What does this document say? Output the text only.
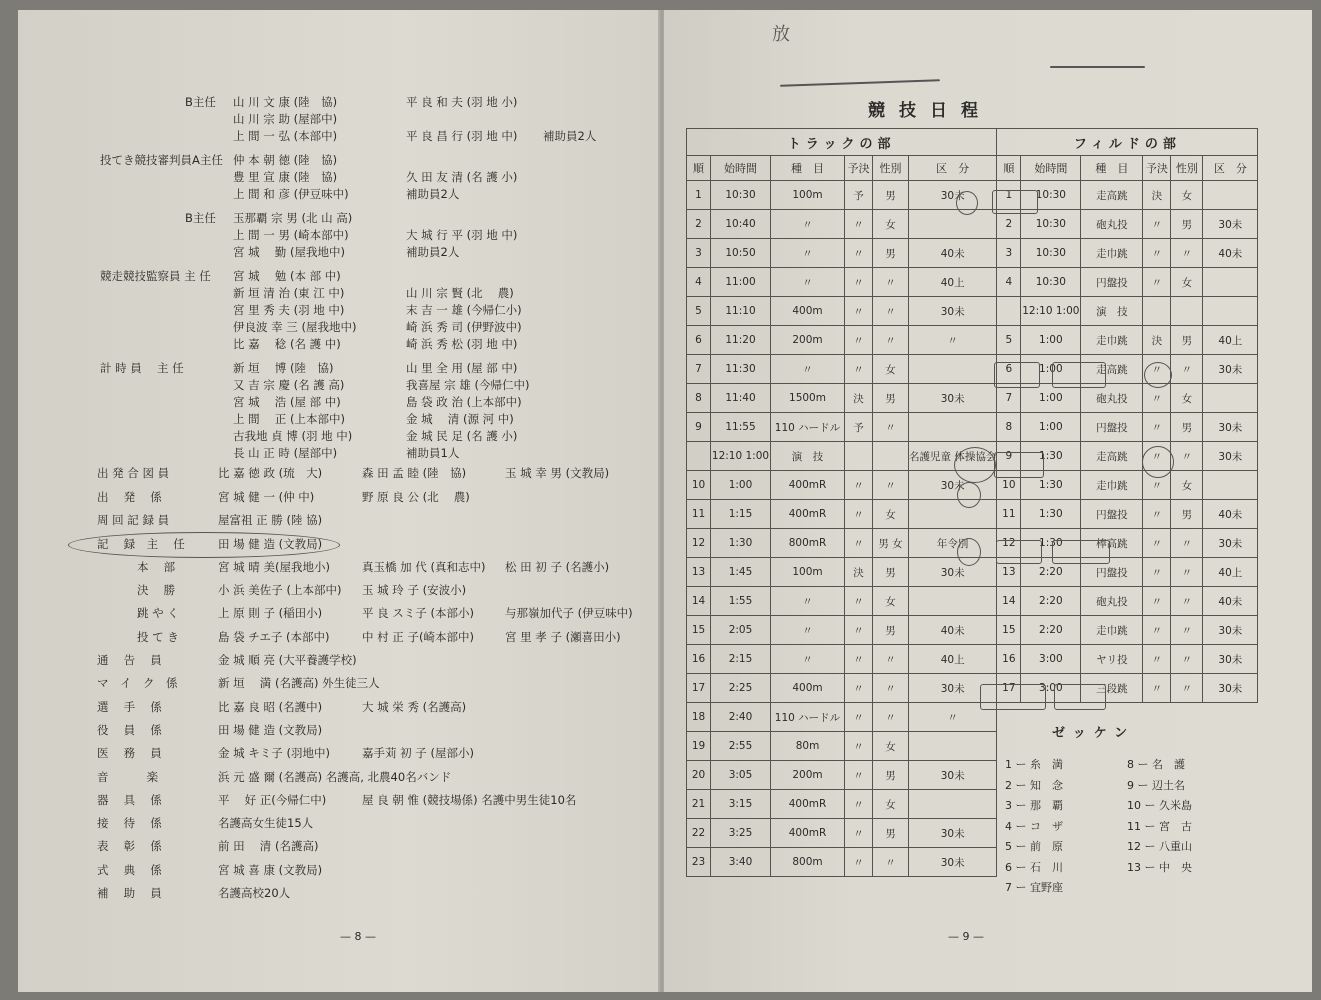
B主任 山 川 文 康 (陸　協)	平 良 和 夫 (羽 地 小)
山 川 宗 助 (屋部中)
上 間 一 弘 (本部中)	平 良 昌 行 (羽 地 中) 補助員2人
投てき競技審判員A主任 仲 本 朝 徳 (陸　協)
豊 里 宣 康 (陸　協)	久 田 友 清 (名 護 小)
上 間 和 彦 (伊豆味中)	補助員2人
B主任 玉那覇 宗 男 (北 山 高)
上 間 一 男 (崎本部中)	大 城 行 平 (羽 地 中)
宮 城　 勤 (屋我地中)	補助員2人
競走競技監察員 主 任 宮 城　 勉 (本 部 中)
新 垣 清 治 (東 江 中)	山 川 宗 賢 (北　 農)
宮 里 秀 夫 (羽 地 中)	末 吉 一 雄 (今帰仁小)
伊良波 幸 三 (屋我地中)	崎 浜 秀 司 (伊野波中)
比 嘉　 稔 (名 護 中)	崎 浜 秀 松 (羽 地 中)
計 時 員　 主 任	新 垣　 博 (陸　協)	山 里 全 用 (屋 部 中)
又 吉 宗 慶 (名 護 高)	我喜屋 宗 雄 (今帰仁中)
宮 城　 浩 (屋 部 中)	島 袋 政 治 (上本部中)
上 間　 正 (上本部中)	金 城　 清 (源 河 中)
古我地 貞 博 (羽 地 中)	金 城 民 足 (名 護 小)
長 山 正 時 (屋部中)	補助員1人
出 発 合 図 員	比 嘉 徳 政 (琉　大)	森 田 孟 睦 (陸　協)	玉 城 幸 男 (文教局)
出　 発　 係	宮 城 健 一 (仲 中)	野 原 良 公 (北　 農)
周 回 記 録 員	屋富祖 正 勝 (陸 協)
記　 録　主　 任	田 場 健 造 (文教局)
本　 部	宮 城 晴 美(屋我地小)	真玉橋 加 代 (真和志中) 松 田 初 子 (名護小)
決　 勝	小 浜 美佐子 (上本部中) 玉 城 玲 子 (安波小)
跳 や く	上 原 則 子 (稲田小)	平 良 スミ子 (本部小)	与那嶺加代子 (伊豆味中)
投 て き	島 袋 チエ子 (本部中)	中 村 正 子(崎本部中)	宮 里 孝 子 (瀬喜田小)
通　 告　 員	金 城 順 亮 (大平養護学校)
マ　イ　ク　係	新 垣　 満 (名護高) 外生徒三人
選　 手　 係	比 嘉 良 昭 (名護中)	大 城 栄 秀 (名護高)
役　 員　 係	田 場 健 造 (文教局)
医　 務　 員	金 城 キミ子 (羽地中)	嘉手苅 初 子 (屋部小)
音　　　 楽	浜 元 盛 爾 (名護高) 名護高, 北農40名バンド
器　 具　 係	平　 好 正(今帰仁中)	屋 良 朝 惟 (競技場係) 名護中男生徒10名
接　 待　 係	名護高女生徒15人
表　 彰　 係	前 田　 清 (名護高)
式　 典　 係	宮 城 喜 康 (文教局)
補　 助　 員	名護高校20人
— 8 —
放
競技日程
トラックの部						フィルドの部					
順	始時間	種　目	予決	性別	区　分	順	始時間	種　目	予決	性別	区　分
1	10:30	100m	予	男	30未	1	10:30	走高跳	決	女	
2	10:40	〃	〃	女		2	10:30	砲丸投	〃	男	30未
3	10:50	〃	〃	男	40未	3	10:30	走巾跳	〃	〃	40未
4	11:00	〃	〃	〃	40上	4	10:30	円盤投	〃	女	
5	11:10	400m	〃	〃	30未		12:10 1:00	演　技			
6	11:20	200m	〃	〃	〃	5	1:00	走巾跳	決	男	40上
7	11:30	〃	〃	女		6	1:00	走高跳	〃	〃	30未
8	11:40	1500m	決	男	30未	7	1:00	砲丸投	〃	女	
9	11:55	110 ハードル	予	〃		8	1:00	円盤投	〃	男	30未
	12:10 1:00	演　技			名護児童 体操協会	9	1:30	走高跳	〃	〃	30未
10	1:00	400mR	〃	〃	30未	10	1:30	走巾跳	〃	女	
11	1:15	400mR	〃	女		11	1:30	円盤投	〃	男	40未
12	1:30	800mR	〃	男 女	年令別	12	1:30	棒高跳	〃	〃	30未
13	1:45	100m	決	男	30未	13	2:20	円盤投	〃	〃	40上
14	1:55	〃	〃	女		14	2:20	砲丸投	〃	〃	40未
15	2:05	〃	〃	男	40未	15	2:20	走巾跳	〃	〃	30未
16	2:15	〃	〃	〃	40上	16	3:00	ヤリ投	〃	〃	30未
17	2:25	400m	〃	〃	30未	17	3:00	三段跳	〃	〃	30未
18	2:40	110 ハードル	〃	〃	〃						
19	2:55	80m	〃	女							
20	3:05	200m	〃	男	30未						
21	3:15	400mR	〃	女							
22	3:25	400mR	〃	男	30未						
23	3:40	800m	〃	〃	30未						
ゼッケン
1 ー 糸　満
2 ー 知　念
3 ー 那　覇
4 ー コ　ザ
5 ー 前　原
6 ー 石　川
7 ー 宜野座
8 ー 名　護
9 ー 辺土名
10 ー 久米島
11 ー 宮　古
12 ー 八重山
13 ー 中　央
— 9 —
